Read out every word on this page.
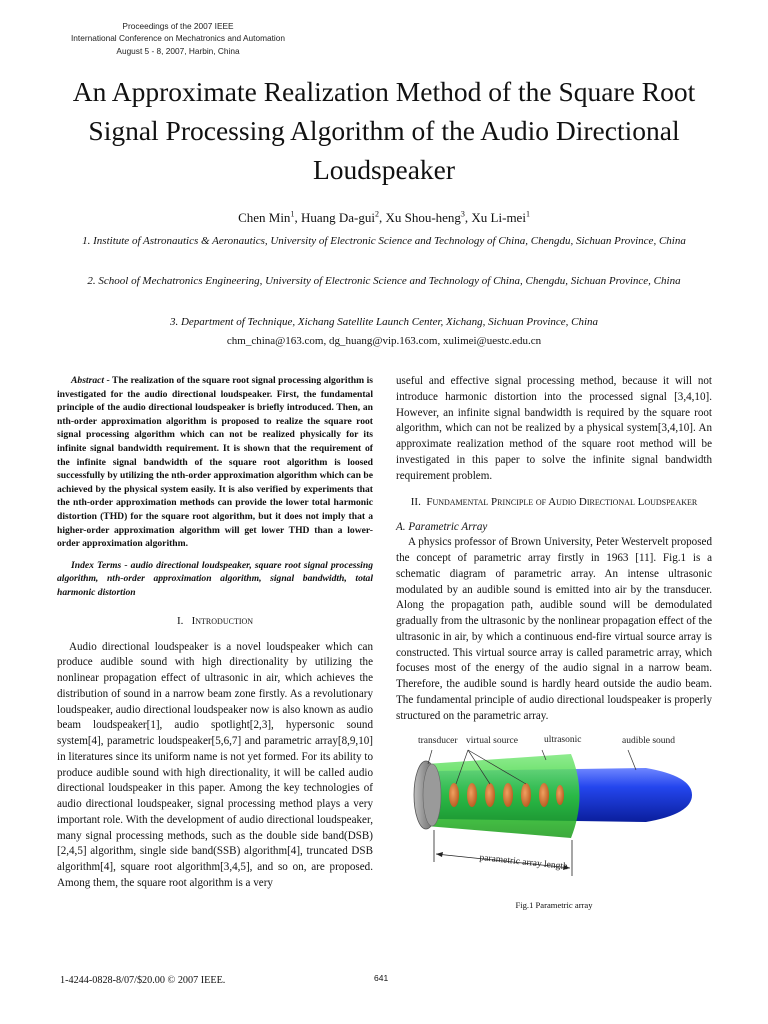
Proceedings of the 2007 IEEE
International Conference on Mechatronics and Automation
August 5 - 8, 2007, Harbin, China
An Approximate Realization Method of the Square Root
Signal Processing Algorithm of the Audio Directional
Loudspeaker
Chen Min$^1$, Huang Da-gui$^2$, Xu Shou-heng$^3$, Xu Li-mei$^1$
1. Institute of Astronautics & Aeronautics, University of Electronic Science and Technology of China, Chengdu, Sichuan Province, China
2. School of Mechatronics Engineering, University of Electronic Science and Technology of China, Chengdu, Sichuan Province, China
3. Department of Technique, Xichang Satellite Launch Center, Xichang, Sichuan Province, China
chm_china@163.com, dg_huang@vip.163.com, xulimei@uestc.edu.cn

Abstract - The realization of the square root signal processing algorithm is investigated for the audio directional loudspeaker. First, the fundamental principle of the audio directional loudspeaker is briefly introduced. Then, an nth-order approximation algorithm is proposed to realize the square root signal processing algorithm which can not be realized physically for its infinite signal bandwidth requirement. It is shown that the requirement of the infinite signal bandwidth of the square root algorithm is loosed successfully by utilizing the nth-order approximation algorithm which can be achieved by the physical system easily. It is also verified by experiments that the nth-order approximation methods can provide the lower total harmonic distortion (THD) for the square root algorithm, but it does not imply that a higher-order approximation algorithm will get lower THD than a lower-order approximation algorithm.

Index Terms - audio directional loudspeaker, square root signal processing algorithm, nth-order approximation algorithm, signal bandwidth, total harmonic distortion

I. Introduction

Audio directional loudspeaker is a novel loudspeaker which can produce audible sound with high directionality by utilizing the nonlinear propagation effect of ultrasonic in air, which achieves the distribution of sound in a narrow beam zone firstly. As a revolutionary loudspeaker, audio directional loudspeaker now is also known as audio beam loudspeaker[1], audio spotlight[2,3], hypersonic sound system[4], parametric loudspeaker[5,6,7] and parametric array[8,9,10] in literatures since its uniform name is not yet formed. For its ability to produce audible sound with high directionality, it will be called audio directional loudspeaker in this paper. Among the key technologies of audio directional loudspeaker, signal processing method plays a very important role. With the development of audio directional loudspeaker, many signal processing methods, such as the double side band(DSB)[2,4,5] algorithm, single side band(SSB) algorithm[4], truncated DSB algorithm[4], square root algorithm[3,4,5], and so on, are proposed. Among them, the square root algorithm is a very

useful and effective signal processing method, because it will not introduce harmonic distortion into the processed signal [3,4,10]. However, an infinite signal bandwidth is required by the square root algorithm, which can not be realized by a physical system[3,4,10]. An approximate realization method of the square root method will be investigated in this paper to solve the infinite signal bandwidth requirement problem.

II. Fundamental Principle of Audio Directional Loudspeaker

A. Parametric Array

A physics professor of Brown University, Peter Westervelt proposed the concept of parametric array firstly in 1963 [11]. Fig.1 is a schematic diagram of parametric array. An intense ultrasonic modulated by an audible sound is emitted into air by the transducer. Along the propagation path, audible sound will be demodulated gradually from the ultrasonic by the nonlinear propagation effect of the ultrasonic in air, by which a continuous end-fire virtual source array is constructed. This virtual source array is called parametric array, which focuses most of the energy of the audio signal in a narrow beam. Therefore, the audible sound is hardly heard outside the audio beam. The fundamental principle of audio directional loudspeaker is properly structured on the parametric array.

transducer virtual source	ultrasonic	audible sound
parametric array length
Fig.1 Parametric array
1-4244-0828-8/07/$20.00 © 2007 IEEE.	641
